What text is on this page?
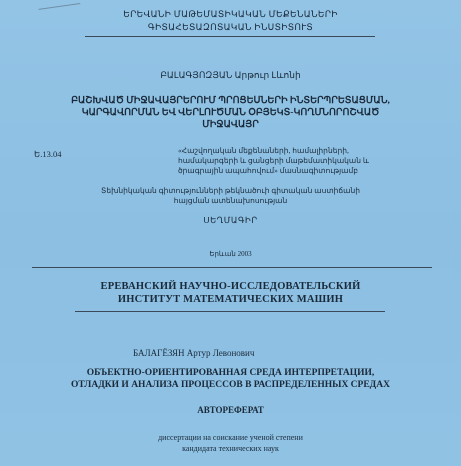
ԵՐԵՎԱՆԻ ՄԱԹԵՄԱՏԻԿԱԿԱՆ ՄԵՔԵՆԱՆԵՐԻ
ԳԻՏԱՀԵՏԱԶՈՏԱԿԱՆ ԻՆՍՏԻՏՈՒՏ
ԲԱԼԱԳՅՈԶՅԱՆ Արթուր Լևոնի
ԲԱՇԽՎԱԾ ՄԻՋԱՎԱՅՐԵՐՈՒՄ ՊՐՈՑԵՍՆԵՐԻ ԻՆՏԵՐՊՐԵՏԱՑՄԱՆ,
ԿԱՐԳԱՎՈՐՄԱՆ ԵՎ ՎԵՐԼՈՒԾՄԱՆ ՕԲՅԵԿՏ-ԿՈՂՄՆՈՐՈՇՎԱԾ
ՄԻՋԱՎԱՅՐ
Ե.13.04	«Հաշվողական մեքենաների, համալիրների,
համակարգերի և ցանցերի մաթեմատիկական և
ծրագրային ապահովում» մասնագիտությամբ
Տեխնիկական գիտությունների թեկնածուի գիտական աստիճանի
հայցման ատենախոսության
ՍԵՂՄԱԳԻՐ
Երևան 2003
ЕРЕВАНСКИЙ НАУЧНО-ИССЛЕДОВАТЕЛЬСКИЙ
ИНСТИТУТ МАТЕМАТИЧЕСКИХ МАШИН
БАЛАГЁЗЯН Артур Левонович
ОБЪЕКТНО-ОРИЕНТИРОВАННАЯ СРЕДА ИНТЕРПРЕТАЦИИ,
ОТЛАДКИ И АНАЛИЗА ПРОЦЕССОВ В РАСПРЕДЕЛЕННЫХ СРЕДАХ
АВТОРЕФЕРАТ
диссертации на соискание ученой степени
кандидата технических наук
